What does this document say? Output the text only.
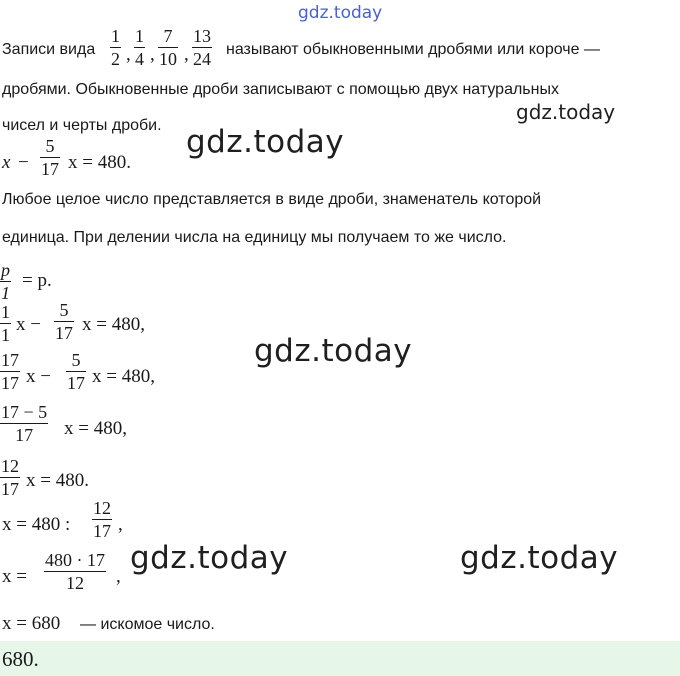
gdz.today
gdz.today
gdz.today
gdz.today
gdz.today	gdz.today
Записи вида $\frac{1}{2}$ , $\frac{1}{4}$ , $\frac{7}{10}$ , $\frac{13}{24}$ называют обыкновенными дробями или короче —
дробями. Обыкновенные дроби записывают с помощью двух натуральных
чисел и черты дроби.
$x - \frac{5}{17}$ x = 480.
Любое целое число представляется в виде дроби, знаменатель которой
единица. При делении числа на единицу мы получаем то же число.
$\frac{p}{1} = p$.
$\frac{1}{1}$ $x - \frac{5}{17}$ x = 480,
$\frac{17}{17}$ $x - \frac{5}{17}$ x = 480,
$\frac{17 - 5}{17}$ x = 480,
$\frac{12}{17}$ x = 480.
x = 480 : $\frac{12}{17}$ ,
$x = \frac{480 \cdot 17}{12}$ ,
x = 680 — искомое число.
680.
